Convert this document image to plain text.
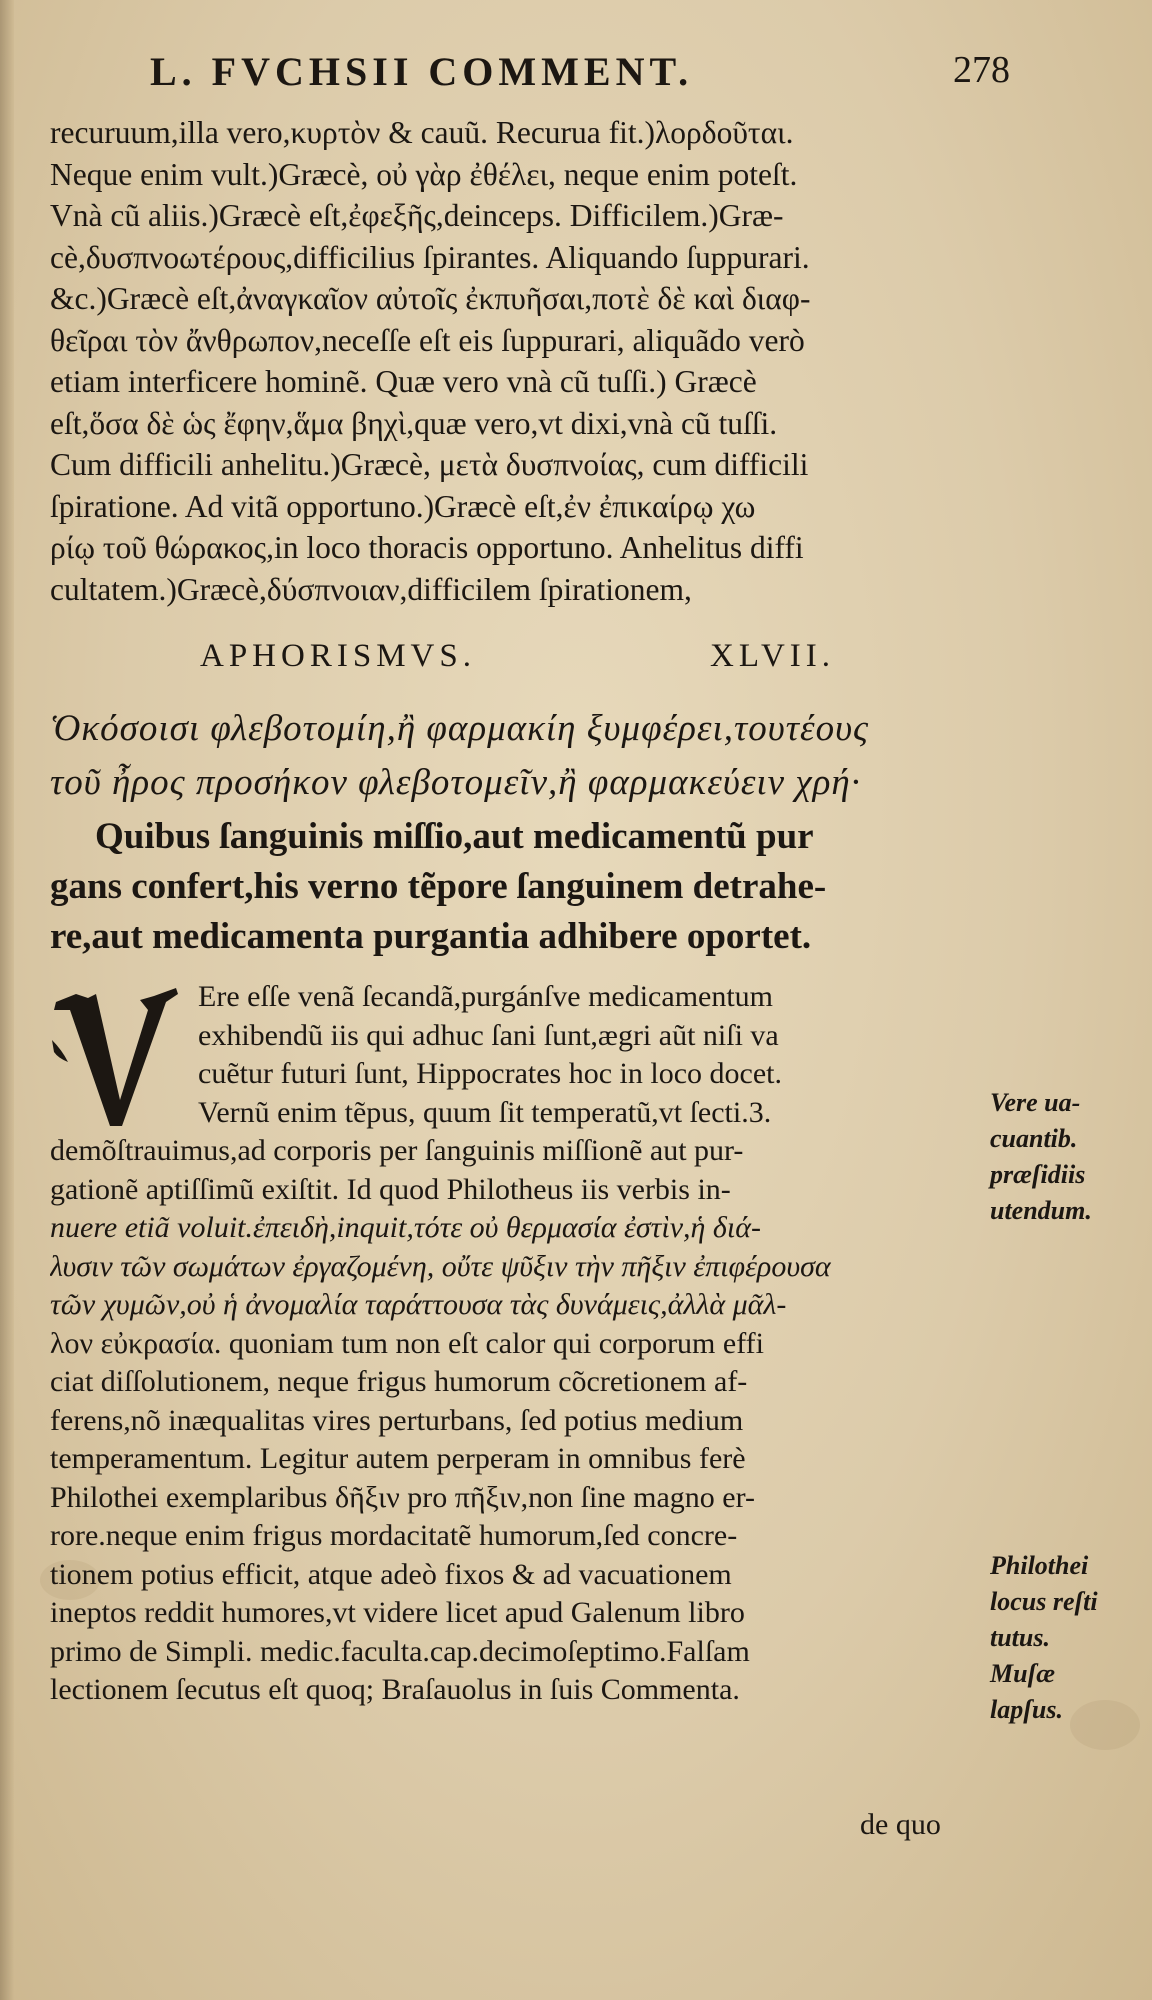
L. FVCHSII COMMENT.	278
recuruum,illa vero,κυρτὸν & cauũ. Recurua fit.)λορδοῦται.
Neque enim vult.)Græcè, οὐ γὰρ ἐθέλει, neque enim poteſt.
Vnà cũ aliis.)Græcè eſt,ἐφεξῆς,deinceps. Difficilem.)Græ-
cè,δυσπνοωτέρους,difficilius ſpirantes. Aliquando ſuppurari.
&c.)Græcè eſt,ἀναγκαῖον αὐτοῖς ἐκπυῆσαι,ποτὲ δὲ καὶ διαφ-
θεῖραι τὸν ἄνθρωπον,neceſſe eſt eis ſuppurari, aliquãdo verò
etiam interficere hominẽ. Quæ vero vnà cũ tuſſi.) Græcè
eſt,ὅσα δὲ ὡς ἔφην,ἅμα βηχὶ,quæ vero,vt dixi,vnà cũ tuſſi.
Cum difficili anhelitu.)Græcè, μετὰ δυσπνοίας, cum difficili
ſpiratione. Ad vitã opportuno.)Græcè eſt,ἐν ἐπικαίρῳ χω
ρίῳ τοῦ θώρακος,in loco thoracis opportuno. Anhelitus diffi
cultatem.)Græcè,δύσπνοιαν,difficilem ſpirationem,
APHORISMVS.	XLVII.
Ὁκόσοισι φλεβοτομίη,ἢ φαρμακίη ξυμφέρει,τουτέους
τοῦ ἦρος προσήκον φλεβοτομεῖν,ἢ φαρμακεύειν χρή·
Quibus ſanguinis miſſio,aut medicamentũ pur
gans confert,his verno tẽpore ſanguinem detrahe-
re,aut medicamenta purgantia adhibere oportet.
Ere eſſe venã ſecandã,purgánſve medicamentum
exhibendũ iis qui adhuc ſani ſunt,ægri aũt niſi va
cuẽtur futuri ſunt, Hippocrates hoc in loco docet.
Vernũ enim tẽpus, quum ſit temperatũ,vt ſecti.3.
demõſtrauimus,ad corporis per ſanguinis miſſionẽ aut pur-
gationẽ aptiſſimũ exiſtit. Id quod Philotheus iis verbis in-
nuere etiã voluit.ἐπειδὴ,inquit,τότε οὐ θερμασία ἐστὶν,ἡ διά-
λυσιν τῶν σωμάτων ἐργαζομένη, οὔτε ψῦξιν τὴν πῆξιν ἐπιφέρουσα
τῶν χυμῶν,οὐ ἡ ἀνομαλία ταράττουσα τὰς δυνάμεις,ἀλλὰ μᾶλ-
λον εὐκρασία. quoniam tum non eſt calor qui corporum effi
ciat diſſolutionem, neque frigus humorum cõcretionem af-
ferens,nõ inæqualitas vires perturbans, ſed potius medium
temperamentum. Legitur autem perperam in omnibus ferè
Philothei exemplaribus δῆξιν pro πῆξιν,non ſine magno er-
rore.neque enim frigus mordacitatẽ humorum,ſed concre-
tionem potius efficit, atque adeò fixos & ad vacuationem
ineptos reddit humores,vt videre licet apud Galenum libro
primo de Simpli. medic.faculta.cap.decimoſeptimo.Falſam
lectionem ſecutus eſt quoq; Braſauolus in ſuis Commenta.
de quo
Vere ua-
cuantib.
præſidiis
utendum.
Philothei
locus reſti
tutus.
Muſæ
lapſus.
